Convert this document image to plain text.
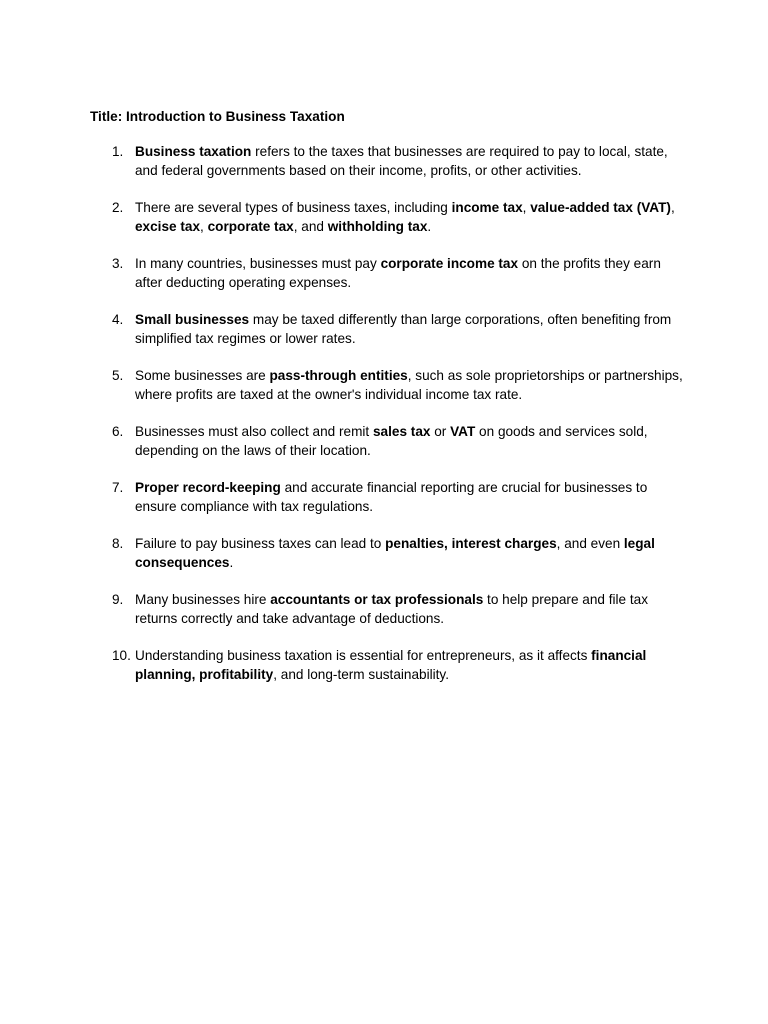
Title: Introduction to Business Taxation
1. Business taxation refers to the taxes that businesses are required to pay to local, state, and federal governments based on their income, profits, or other activities.
2. There are several types of business taxes, including income tax, value-added tax (VAT), excise tax, corporate tax, and withholding tax.
3. In many countries, businesses must pay corporate income tax on the profits they earn after deducting operating expenses.
4. Small businesses may be taxed differently than large corporations, often benefiting from simplified tax regimes or lower rates.
5. Some businesses are pass-through entities, such as sole proprietorships or partnerships, where profits are taxed at the owner's individual income tax rate.
6. Businesses must also collect and remit sales tax or VAT on goods and services sold, depending on the laws of their location.
7. Proper record-keeping and accurate financial reporting are crucial for businesses to ensure compliance with tax regulations.
8. Failure to pay business taxes can lead to penalties, interest charges, and even legal consequences.
9. Many businesses hire accountants or tax professionals to help prepare and file tax returns correctly and take advantage of deductions.
10. Understanding business taxation is essential for entrepreneurs, as it affects financial planning, profitability, and long-term sustainability.
